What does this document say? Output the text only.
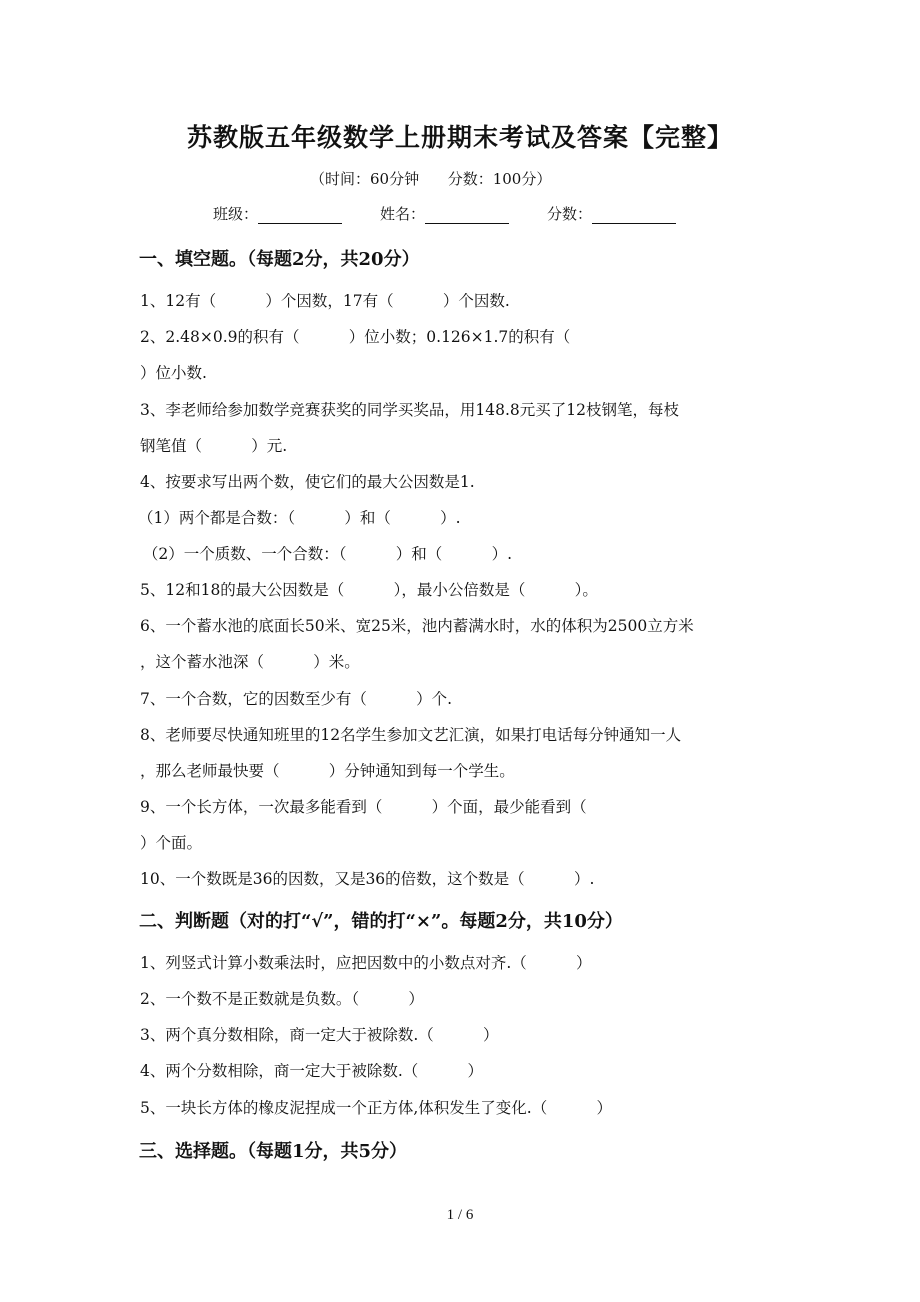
苏教版五年级数学上册期末考试及答案【完整】
（时间：60分钟      分数：100分）
班级：	姓名：	分数：
一、填空题。（每题2分，共20分）
1、12有（          ）个因数，17有（          ）个因数.
2、2.48×0.9的积有（          ）位小数；0.126×1.7的积有（
）位小数.
3、李老师给参加数学竞赛获奖的同学买奖品，用148.8元买了12枝钢笔，每枝
钢笔值（          ）元.
4、按要求写出两个数，使它们的最大公因数是1.
（1）两个都是合数：（          ）和（          ）.
（2）一个质数、一个合数：（          ）和（          ）.
5、12和18的最大公因数是（          ），最小公倍数是（          ）。
6、一个蓄水池的底面长50米、宽25米，池内蓄满水时，水的体积为2500立方米
，这个蓄水池深（          ）米。
7、一个合数，它的因数至少有（          ）个.
8、老师要尽快通知班里的12名学生参加文艺汇演，如果打电话每分钟通知一人
，那么老师最快要（          ）分钟通知到每一个学生。
9、一个长方体，一次最多能看到（          ）个面，最少能看到（
）个面。
10、一个数既是36的因数，又是36的倍数，这个数是（          ）.
二、判断题（对的打“√”，错的打“×”。每题2分，共10分）
1、列竖式计算小数乘法时，应把因数中的小数点对齐.（          ）
2、一个数不是正数就是负数。（          ）
3、两个真分数相除，商一定大于被除数.（          ）
4、两个分数相除，商一定大于被除数.（          ）
5、一块长方体的橡皮泥捏成一个正方体,体积发生了变化.（          ）
三、选择题。（每题1分，共5分）
1 / 6
